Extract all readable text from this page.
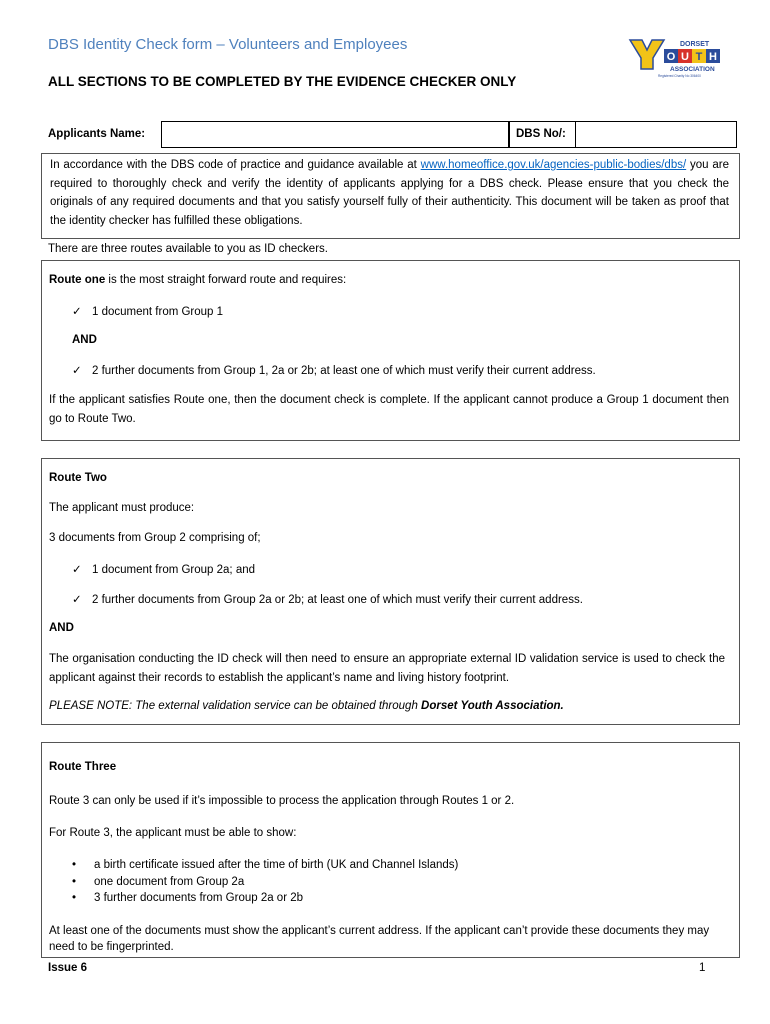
DBS Identity Check form – Volunteers and Employees
ALL SECTIONS TO BE COMPLETED BY THE EVIDENCE CHECKER ONLY
O U T H
DORSET
ASSOCIATION
Registered Charity No 306400
Applicants Name:	DBS No/:
In accordance with the DBS code of practice and guidance available at www.homeoffice.gov.uk/agencies-public-bodies/dbs/ you are required to thoroughly check and verify the identity of applicants applying for a DBS check. Please ensure that you check the originals of any required documents and that you satisfy yourself fully of their authenticity. This document will be taken as proof that the identity checker has fulfilled these obligations.
There are three routes available to you as ID checkers.
Route one is the most straight forward route and requires:
✓ 1 document from Group 1
AND
✓ 2 further documents from Group 1, 2a or 2b; at least one of which must verify their current address.
If the applicant satisfies Route one, then the document check is complete. If the applicant cannot produce a Group 1 document then go to Route Two.
Route Two
The applicant must produce:
3 documents from Group 2 comprising of;
✓ 1 document from Group 2a; and
✓ 2 further documents from Group 2a or 2b; at least one of which must verify their current address.
AND
The organisation conducting the ID check will then need to ensure an appropriate external ID validation service is used to check the applicant against their records to establish the applicant’s name and living history footprint.
PLEASE NOTE: The external validation service can be obtained through Dorset Youth Association.
Route Three
Route 3 can only be used if it’s impossible to process the application through Routes 1 or 2.
For Route 3, the applicant must be able to show:
• a birth certificate issued after the time of birth (UK and Channel Islands)
• one document from Group 2a
• 3 further documents from Group 2a or 2b
At least one of the documents must show the applicant’s current address. If the applicant can’t provide these documents they may need to be fingerprinted.
Issue 6	1
